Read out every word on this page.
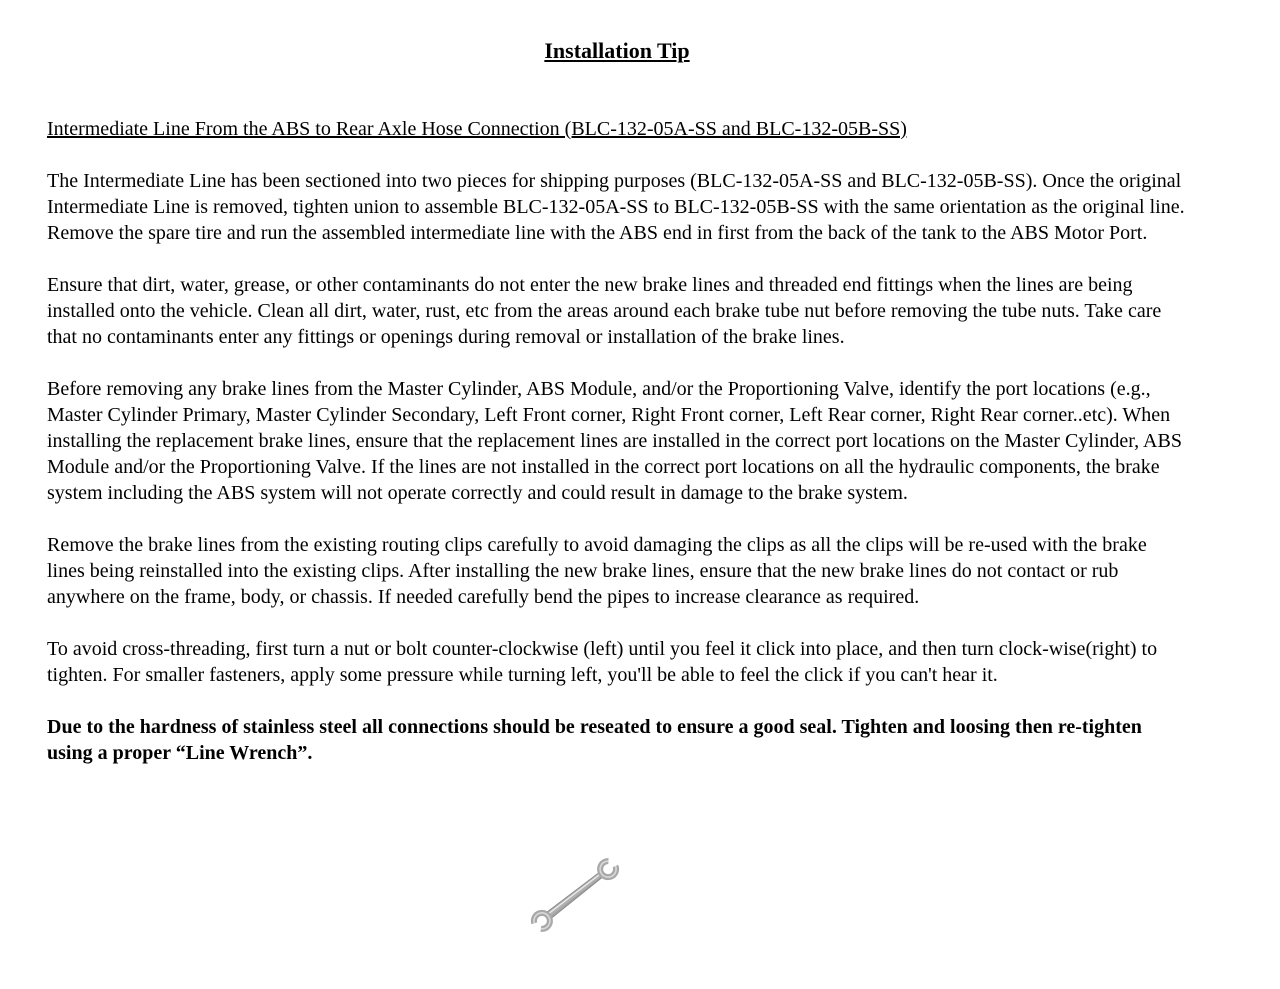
Installation Tip
Intermediate Line From the ABS to Rear Axle Hose Connection (BLC-132-05A-SS and BLC-132-05B-SS)

The Intermediate Line has been sectioned into two pieces for shipping purposes (BLC-132-05A-SS and BLC-132-05B-SS). Once the original Intermediate Line is removed, tighten union to assemble BLC-132-05A-SS to BLC-132-05B-SS with the same orientation as the original line. Remove the spare tire and run the assembled intermediate line with the ABS end in first from the back of the tank to the ABS Motor Port.

Ensure that dirt, water, grease, or other contaminants do not enter the new brake lines and threaded end fittings when the lines are being installed onto the vehicle. Clean all dirt, water, rust, etc from the areas around each brake tube nut before removing the tube nuts. Take care that no contaminants enter any fittings or openings during removal or installation of the brake lines.

Before removing any brake lines from the Master Cylinder, ABS Module, and/or the Proportioning Valve, identify the port locations (e.g., Master Cylinder Primary, Master Cylinder Secondary, Left Front corner, Right Front corner, Left Rear corner, Right Rear corner..etc). When installing the replacement brake lines, ensure that the replacement lines are installed in the correct port locations on the Master Cylinder, ABS Module and/or the Proportioning Valve. If the lines are not installed in the correct port locations on all the hydraulic components, the brake system including the ABS system will not operate correctly and could result in damage to the brake system.

Remove the brake lines from the existing routing clips carefully to avoid damaging the clips as all the clips will be re-used with the brake lines being reinstalled into the existing clips. After installing the new brake lines, ensure that the new brake lines do not contact or rub anywhere on the frame, body, or chassis. If needed carefully bend the pipes to increase clearance as required.

To avoid cross-threading, first turn a nut or bolt counter-clockwise (left) until you feel it click into place, and then turn clock-wise(right) to tighten. For smaller fasteners, apply some pressure while turning left, you'll be able to feel the click if you can't hear it.

Due to the hardness of stainless steel all connections should be reseated to ensure a good seal. Tighten and loosing then re-tighten using a proper “Line Wrench”.
